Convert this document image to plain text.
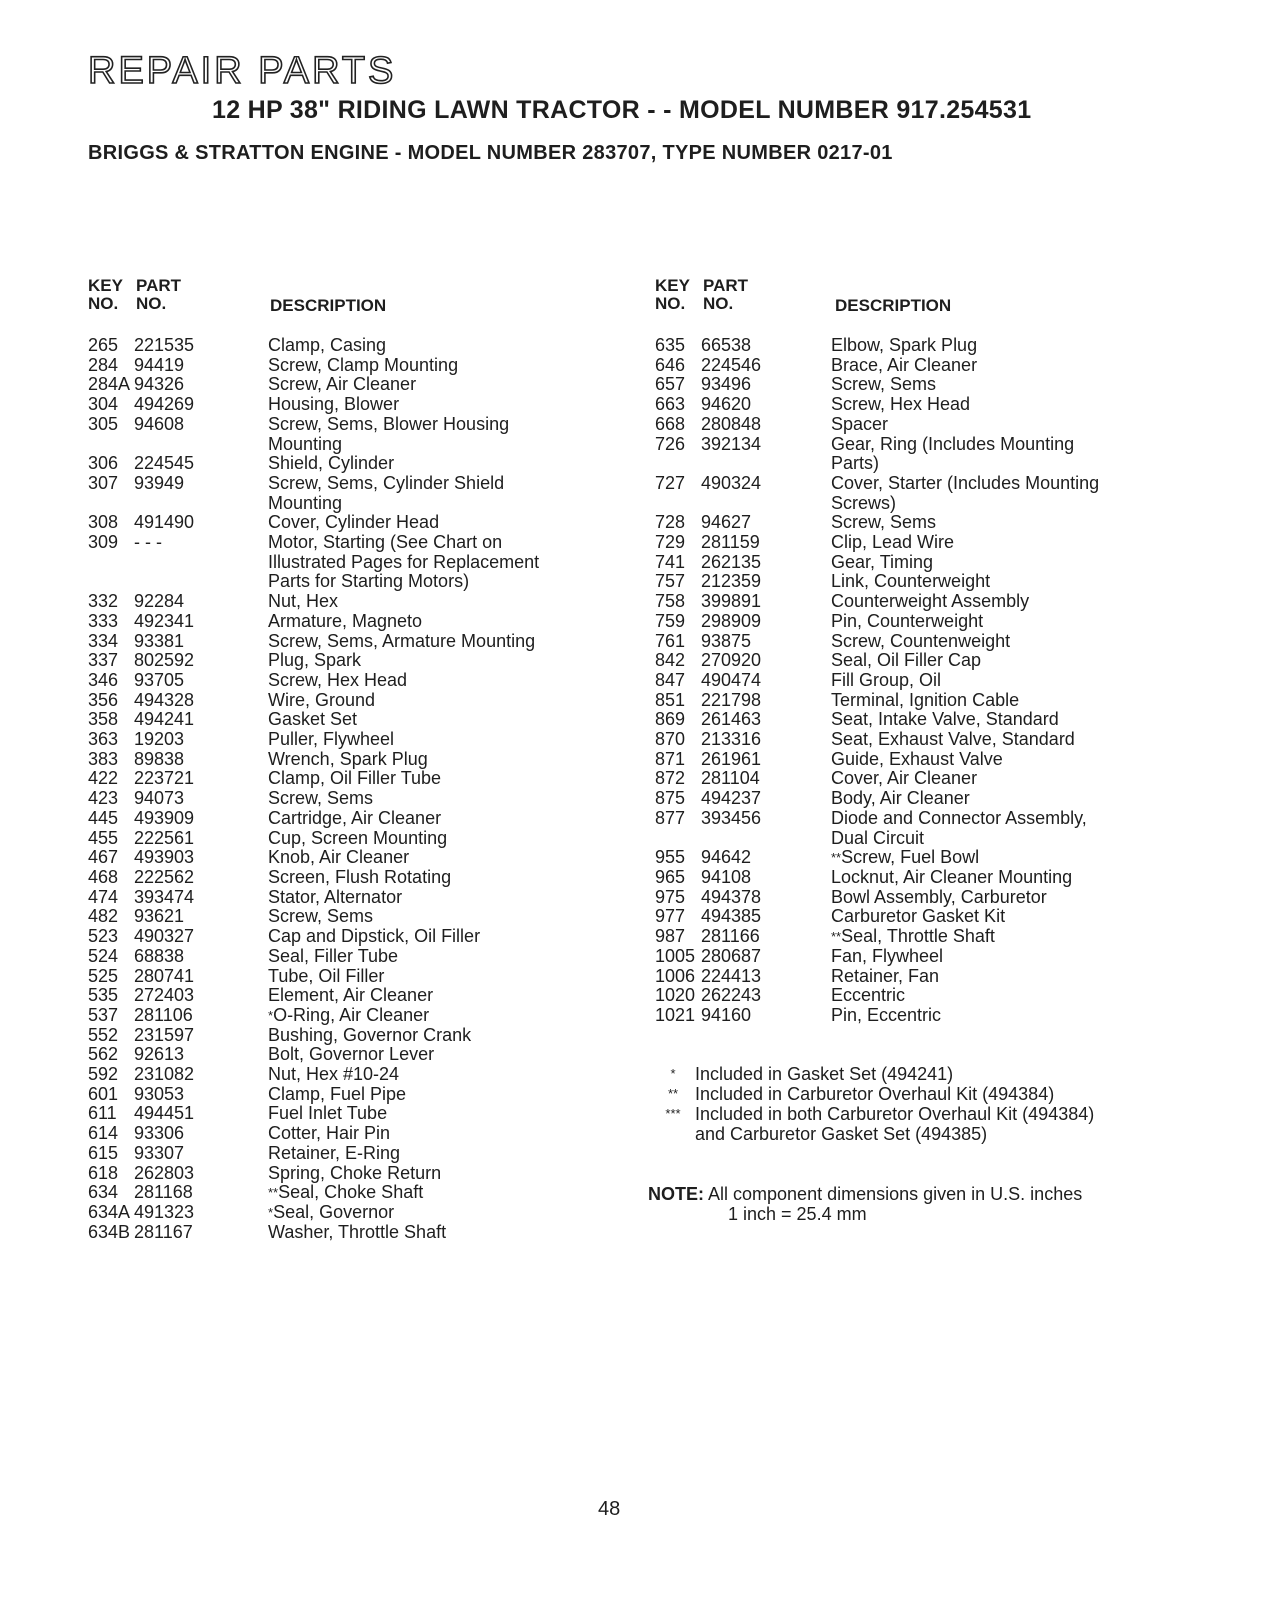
REPAIR PARTS
12 HP 38" RIDING LAWN TRACTOR - - MODEL NUMBER 917.254531
BRIGGS & STRATTON ENGINE - MODEL NUMBER 283707, TYPE NUMBER 0217-01
KEY PART
NO. NO.	DESCRIPTION
265 221535	Clamp, Casing
284 94419	Screw, Clamp Mounting
284A 94326	Screw, Air Cleaner
304 494269	Housing, Blower
305 94608	Screw, Sems, Blower Housing
Mounting
306 224545	Shield, Cylinder
307 93949	Screw, Sems, Cylinder Shield
Mounting
308 491490	Cover, Cylinder Head
309 - - -	Motor, Starting (See Chart on
Illustrated Pages for Replacement
Parts for Starting Motors)
332 92284	Nut, Hex
333 492341	Armature, Magneto
334 93381	Screw, Sems, Armature Mounting
337 802592	Plug, Spark
346 93705	Screw, Hex Head
356 494328	Wire, Ground
358 494241	Gasket Set
363 19203	Puller, Flywheel
383 89838	Wrench, Spark Plug
422 223721	Clamp, Oil Filler Tube
423 94073	Screw, Sems
445 493909	Cartridge, Air Cleaner
455 222561	Cup, Screen Mounting
467 493903	Knob, Air Cleaner
468 222562	Screen, Flush Rotating
474 393474	Stator, Alternator
482 93621	Screw, Sems
523 490327	Cap and Dipstick, Oil Filler
524 68838	Seal, Filler Tube
525 280741	Tube, Oil Filler
535 272403	Element, Air Cleaner
537 281106	*O-Ring, Air Cleaner
552 231597	Bushing, Governor Crank
562 92613	Bolt, Governor Lever
592 231082	Nut, Hex #10-24
601 93053	Clamp, Fuel Pipe
611 494451	Fuel Inlet Tube
614 93306	Cotter, Hair Pin
615 93307	Retainer, E-Ring
618 262803	Spring, Choke Return
634 281168	**Seal, Choke Shaft
634A 491323	*Seal, Governor
634B 281167	Washer, Throttle Shaft
KEY PART
NO. NO.	DESCRIPTION
635 66538	Elbow, Spark Plug
646 224546	Brace, Air Cleaner
657 93496	Screw, Sems
663 94620	Screw, Hex Head
668 280848	Spacer
726 392134	Gear, Ring (Includes Mounting
Parts)
727 490324	Cover, Starter (Includes Mounting
Screws)
728 94627	Screw, Sems
729 281159	Clip, Lead Wire
741 262135	Gear, Timing
757 212359	Link, Counterweight
758 399891	Counterweight Assembly
759 298909	Pin, Counterweight
761 93875	Screw, Countenweight
842 270920	Seal, Oil Filler Cap
847 490474	Fill Group, Oil
851 221798	Terminal, Ignition Cable
869 261463	Seat, Intake Valve, Standard
870 213316	Seat, Exhaust Valve, Standard
871 261961	Guide, Exhaust Valve
872 281104	Cover, Air Cleaner
875 494237	Body, Air Cleaner
877 393456	Diode and Connector Assembly,
Dual Circuit
955 94642	**Screw, Fuel Bowl
965 94108	Locknut, Air Cleaner Mounting
975 494378	Bowl Assembly, Carburetor
977 494385	Carburetor Gasket Kit
987 281166	**Seal, Throttle Shaft
1005 280687	Fan, Flywheel
1006 224413	Retainer, Fan
1020 262243	Eccentric
1021 94160	Pin, Eccentric
*	Included in Gasket Set (494241)
** Included in Carburetor Overhaul Kit (494384)
*** Included in both Carburetor Overhaul Kit (494384)
and Carburetor Gasket Set (494385)
NOTE: All component dimensions given in U.S. inches
1 inch = 25.4 mm
48
